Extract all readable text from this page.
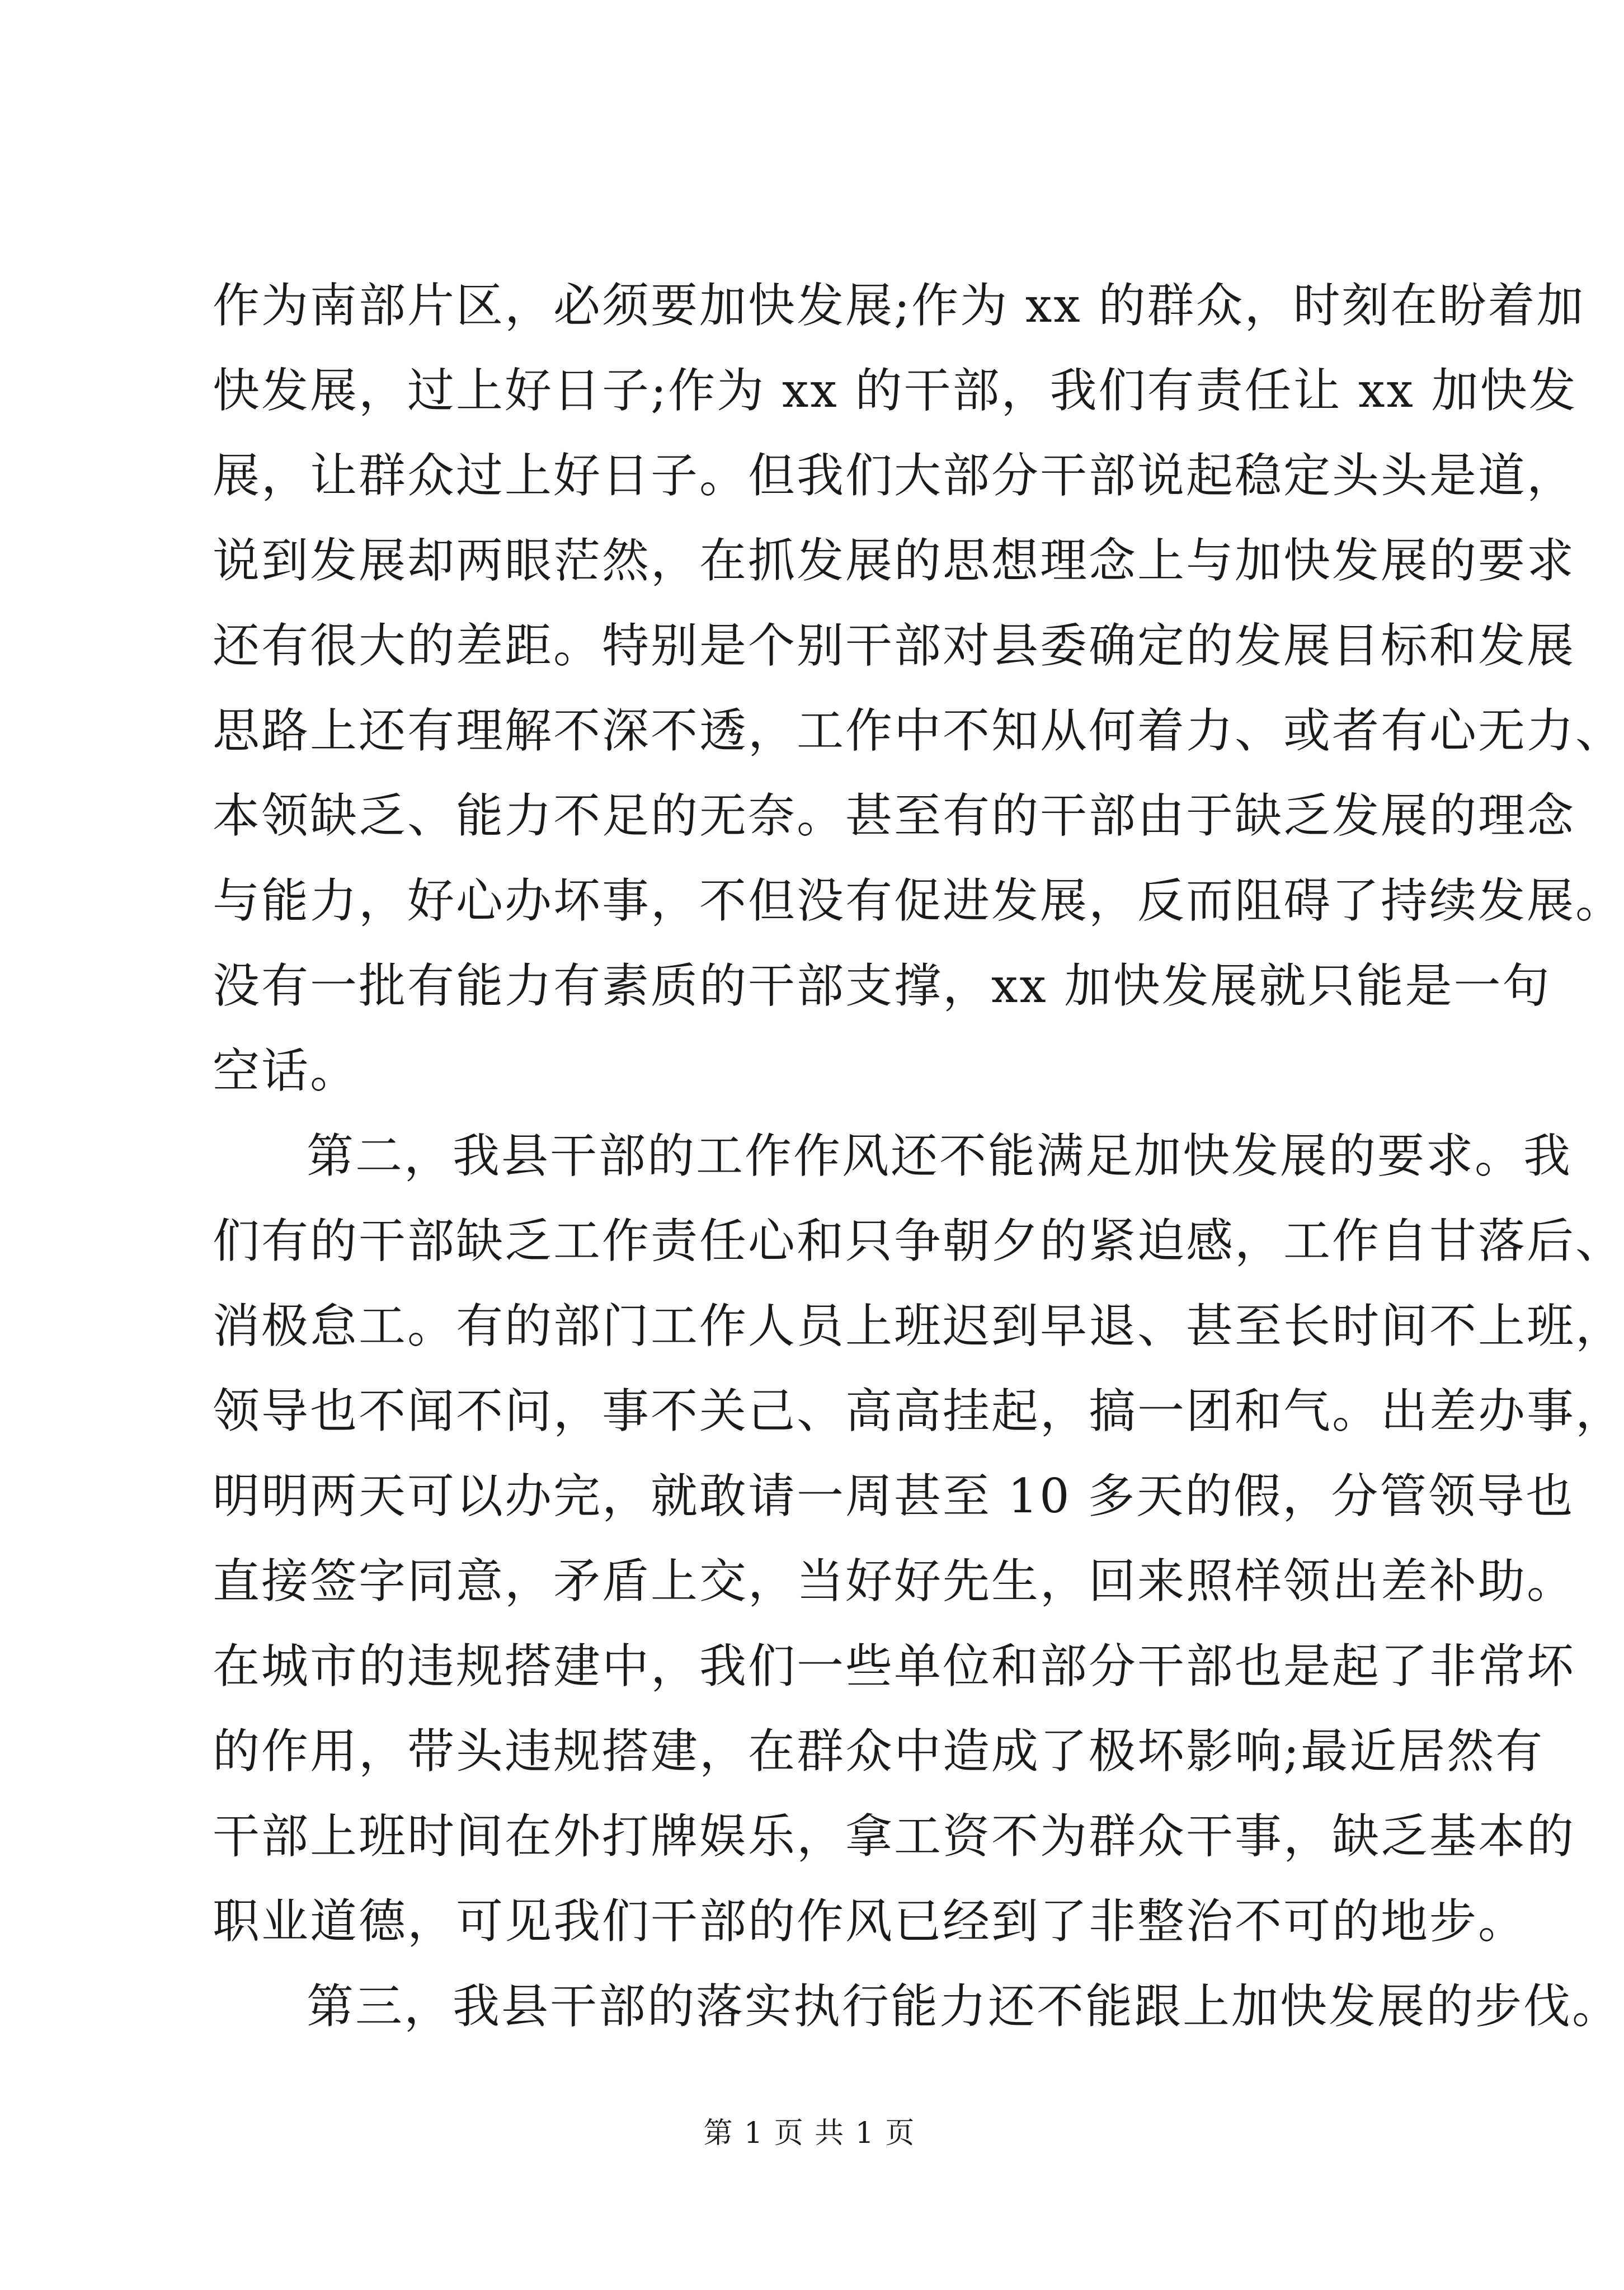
作为南部片区，必须要加快发展;作为 xx 的群众，时刻在盼着加
快发展，过上好日子;作为 xx 的干部，我们有责任让 xx 加快发
展，让群众过上好日子。但我们大部分干部说起稳定头头是道，
说到发展却两眼茫然，在抓发展的思想理念上与加快发展的要求
还有很大的差距。特别是个别干部对县委确定的发展目标和发展
思路上还有理解不深不透，工作中不知从何着力、或者有心无力、
本领缺乏、能力不足的无奈。甚至有的干部由于缺乏发展的理念
与能力，好心办坏事，不但没有促进发展，反而阻碍了持续发展。
没有一批有能力有素质的干部支撑，xx 加快发展就只能是一句
空话。
第二，我县干部的工作作风还不能满足加快发展的要求。我
们有的干部缺乏工作责任心和只争朝夕的紧迫感，工作自甘落后、
消极怠工。有的部门工作人员上班迟到早退、甚至长时间不上班，
领导也不闻不问，事不关己、高高挂起，搞一团和气。出差办事，
明明两天可以办完，就敢请一周甚至 10 多天的假，分管领导也
直接签字同意，矛盾上交，当好好先生，回来照样领出差补助。
在城市的违规搭建中，我们一些单位和部分干部也是起了非常坏
的作用，带头违规搭建，在群众中造成了极坏影响;最近居然有
干部上班时间在外打牌娱乐，拿工资不为群众干事，缺乏基本的
职业道德，可见我们干部的作风已经到了非整治不可的地步。
第三，我县干部的落实执行能力还不能跟上加快发展的步伐。
第 1 页 共 1 页
